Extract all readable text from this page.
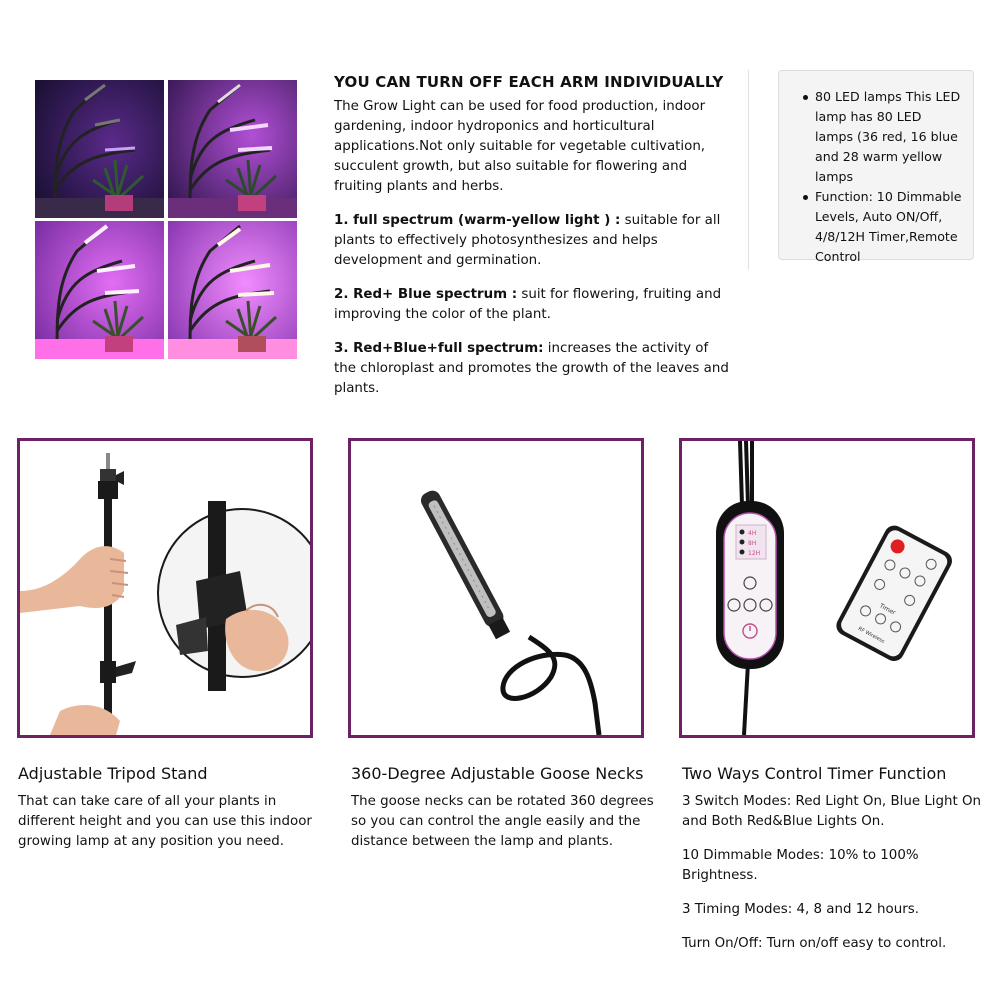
YOU CAN TURN OFF EACH ARM INDIVIDUALLY

The Grow Light can be used for food production, indoor gardening, indoor hydroponics and horticultural applications.Not only suitable for vegetable cultivation, succulent growth, but also suitable for flowering and fruiting plants and herbs.

1. full spectrum (warm-yellow light ) : suitable for all plants to effectively photosynthesizes and helps development and germination.

2. Red+ Blue spectrum : suit for flowering, fruiting and improving the color of the plant.

3. Red+Blue+full spectrum: increases the activity of the chloroplast and promotes the growth of the leaves and plants.

80 LED lamps This LED lamp has 80 LED lamps (36 red, 16 blue and 28 warm yellow lamps
Function: 10 Dimmable Levels, Auto ON/Off, 4/8/12H Timer,Remote Control
4H
8H
12H
Timer
RF Wireless
Adjustable Tripod Stand

That can take care of all your plants in different height and you can use this indoor growing lamp at any position you need.

360-Degree Adjustable Goose Necks

The goose necks can be rotated 360 degrees so you can control the angle easily and the distance between the lamp and plants.

Two Ways Control Timer Function

3 Switch Modes: Red Light On, Blue Light On and Both Red&Blue Lights On.

10 Dimmable Modes: 10% to 100% Brightness.

3 Timing Modes: 4, 8 and 12 hours.

Turn On/Off: Turn on/off easy to control.
